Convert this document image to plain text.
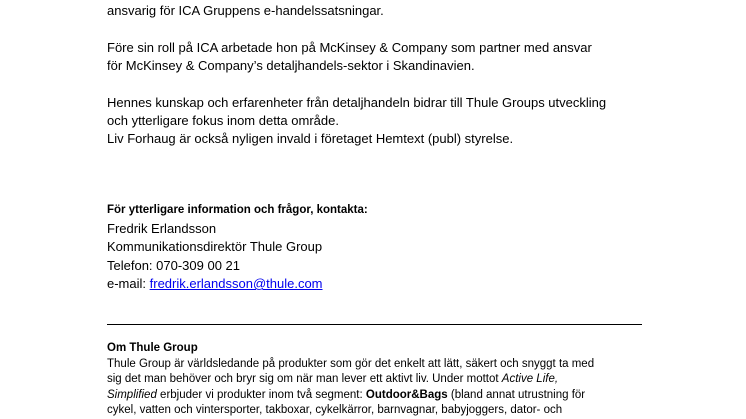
ansvarig för ICA Gruppens e-handelssatsningar.
Före sin roll på ICA arbetade hon på McKinsey & Company som partner med ansvar
för McKinsey & Company’s detaljhandels-sektor i Skandinavien.
Hennes kunskap och erfarenheter från detaljhandeln bidrar till Thule Groups utveckling
och ytterligare fokus inom detta område.
Liv Forhaug är också nyligen invald i företaget Hemtext (publ) styrelse.
För ytterligare information och frågor, kontakta:
Fredrik Erlandsson
Kommunikationsdirektör Thule Group
Telefon: 070-309 00 21
e-mail: fredrik.erlandsson@thule.com
Om Thule Group
Thule Group är världsledande på produkter som gör det enkelt att lätt, säkert och snyggt ta med
sig det man behöver och bryr sig om när man lever ett aktivt liv. Under mottot Active Life,
Simplified erbjuder vi produkter inom två segment: Outdoor&Bags (bland annat utrustning för
cykel, vatten och vintersporter, takboxar, cykelkärror, barnvagnar, babyjoggers, dator- och
